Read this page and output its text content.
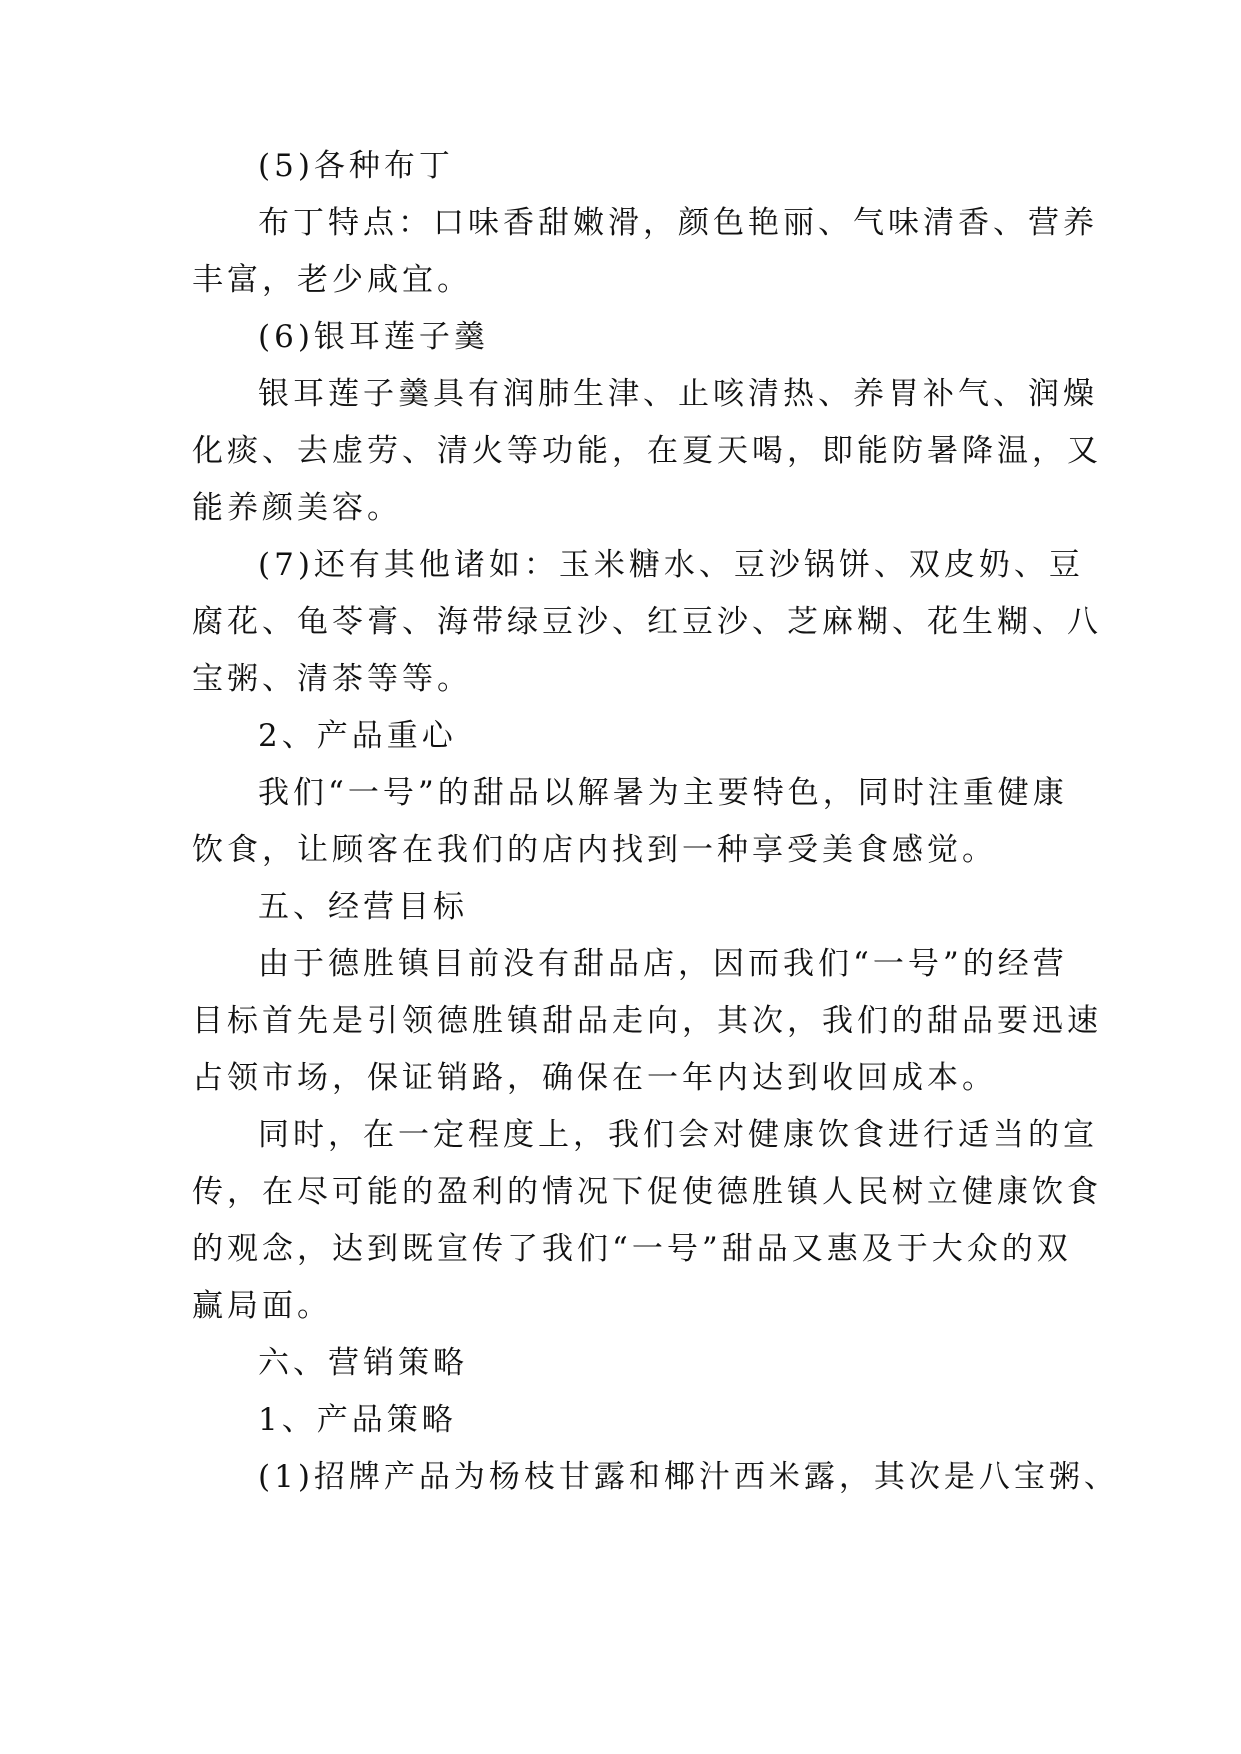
(5)各种布丁
布丁特点：口味香甜嫩滑，颜色艳丽、气味清香、营养
丰富，老少咸宜。
(6)银耳莲子羹
银耳莲子羹具有润肺生津、止咳清热、养胃补气、润燥
化痰、去虚劳、清火等功能，在夏天喝，即能防暑降温，又
能养颜美容。
(7)还有其他诸如：玉米糖水、豆沙锅饼、双皮奶、豆
腐花、龟苓膏、海带绿豆沙、红豆沙、芝麻糊、花生糊、八
宝粥、清茶等等。
2、产品重心
我们“一号”的甜品以解暑为主要特色，同时注重健康
饮食，让顾客在我们的店内找到一种享受美食感觉。
五、经营目标
由于德胜镇目前没有甜品店，因而我们“一号”的经营
目标首先是引领德胜镇甜品走向，其次，我们的甜品要迅速
占领市场，保证销路，确保在一年内达到收回成本。
同时，在一定程度上，我们会对健康饮食进行适当的宣
传，在尽可能的盈利的情况下促使德胜镇人民树立健康饮食
的观念，达到既宣传了我们“一号”甜品又惠及于大众的双
赢局面。
六、营销策略
1、产品策略
(1)招牌产品为杨枝甘露和椰汁西米露，其次是八宝粥、
